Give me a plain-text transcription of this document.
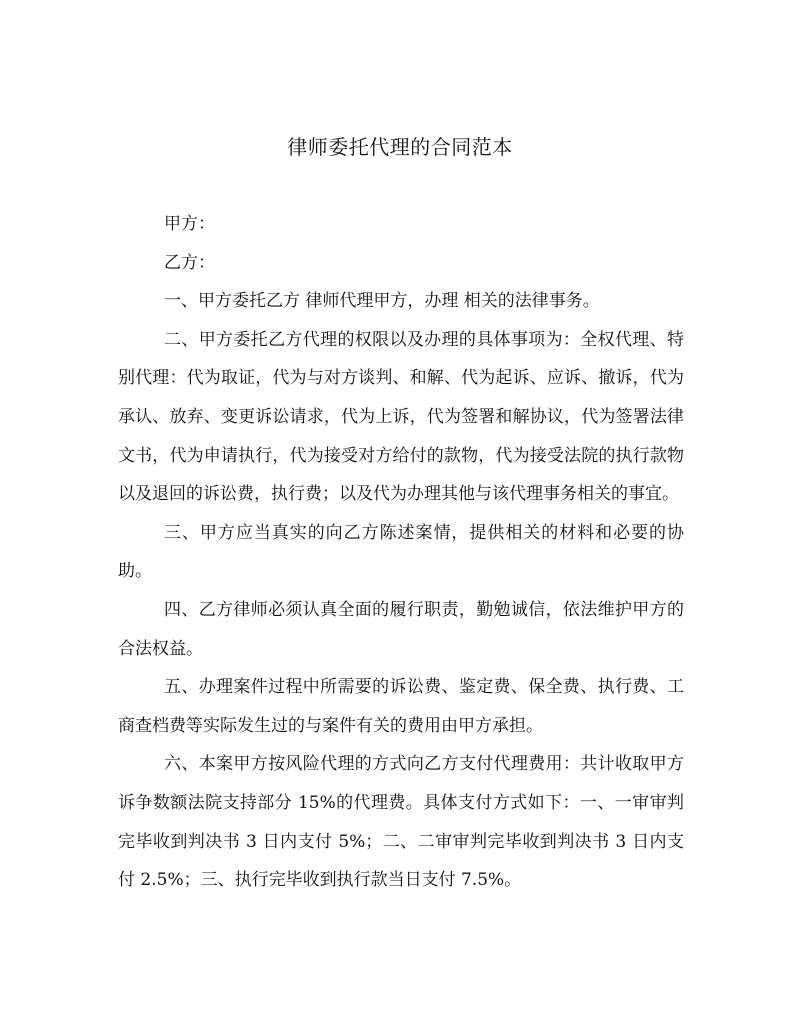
律师委托代理的合同范本

甲方：

乙方：

一、甲方委托乙方 律师代理甲方，办理 相关的法律事务。

二、甲方委托乙方代理的权限以及办理的具体事项为：全权代理、特别代理：代为取证，代为与对方谈判、和解、代为起诉、应诉、撤诉，代为承认、放弃、变更诉讼请求，代为上诉，代为签署和解协议，代为签署法律文书，代为申请执行，代为接受对方给付的款物，代为接受法院的执行款物以及退回的诉讼费，执行费；以及代为办理其他与该代理事务相关的事宜。

三、甲方应当真实的向乙方陈述案情，提供相关的材料和必要的协助。

四、乙方律师必须认真全面的履行职责，勤勉诚信，依法维护甲方的合法权益。

五、办理案件过程中所需要的诉讼费、鉴定费、保全费、执行费、工商查档费等实际发生过的与案件有关的费用由甲方承担。

六、本案甲方按风险代理的方式向乙方支付代理费用：共计收取甲方诉争数额法院支持部分 15%的代理费。具体支付方式如下：一、一审审判完毕收到判决书 3 日内支付 5%；二、二审审判完毕收到判决书 3 日内支付 2.5%；三、执行完毕收到执行款当日支付 7.5%。
